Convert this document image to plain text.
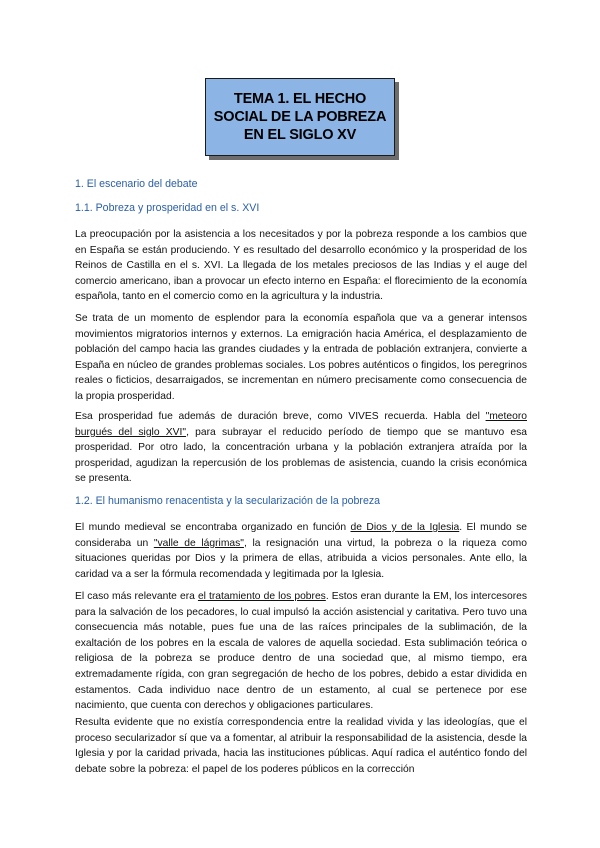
TEMA 1. EL HECHO
SOCIAL DE LA POBREZA
EN EL SIGLO XV
1. El escenario del debate
1.1. Pobreza y prosperidad en el s. XVI
La preocupación por la asistencia a los necesitados y por la pobreza responde a los cambios que en España se están produciendo. Y es resultado del desarrollo económico y la prosperidad de los Reinos de Castilla en el s. XVI. La llegada de los metales preciosos de las Indias y el auge del comercio americano, iban a provocar un efecto interno en España: el florecimiento de la economía española, tanto en el comercio como en la agricultura y la industria.
Se trata de un momento de esplendor para la economía española que va a generar intensos movimientos migratorios internos y externos. La emigración hacia América, el desplazamiento de población del campo hacia las grandes ciudades y la entrada de población extranjera, convierte a España en núcleo de grandes problemas sociales. Los pobres auténticos o fingidos, los peregrinos reales o ficticios, desarraigados, se incrementan en número precisamente como consecuencia de la propia prosperidad.
Esa prosperidad fue además de duración breve, como VIVES recuerda. Habla del "meteoro burgués del siglo XVI", para subrayar el reducido período de tiempo que se mantuvo esa prosperidad. Por otro lado, la concentración urbana y la población extranjera atraída por la prosperidad, agudizan la repercusión de los problemas de asistencia, cuando la crisis económica se presenta.
1.2. El humanismo renacentista y la secularización de la pobreza
El mundo medieval se encontraba organizado en función de Dios y de la Iglesia. El mundo se consideraba un "valle de lágrimas", la resignación una virtud, la pobreza o la riqueza como situaciones queridas por Dios y la primera de ellas, atribuida a vicios personales. Ante ello, la caridad va a ser la fórmula recomendada y legitimada por la Iglesia.
El caso más relevante era el tratamiento de los pobres. Estos eran durante la EM, los intercesores para la salvación de los pecadores, lo cual impulsó la acción asistencial y caritativa. Pero tuvo una consecuencia más notable, pues fue una de las raíces principales de la sublimación, de la exaltación de los pobres en la escala de valores de aquella sociedad. Esta sublimación teórica o religiosa de la pobreza se produce dentro de una sociedad que, al mismo tiempo, era extremadamente rígida, con gran segregación de hecho de los pobres, debido a estar dividida en estamentos. Cada individuo nace dentro de un estamento, al cual se pertenece por ese nacimiento, que cuenta con derechos y obligaciones particulares.
Resulta evidente que no existía correspondencia entre la realidad vivida y las ideologías, que el proceso secularizador sí que va a fomentar, al atribuir la responsabilidad de la asistencia, desde la Iglesia y por la caridad privada, hacia las instituciones públicas. Aquí radica el auténtico fondo del debate sobre la pobreza: el papel de los poderes públicos en la corrección
